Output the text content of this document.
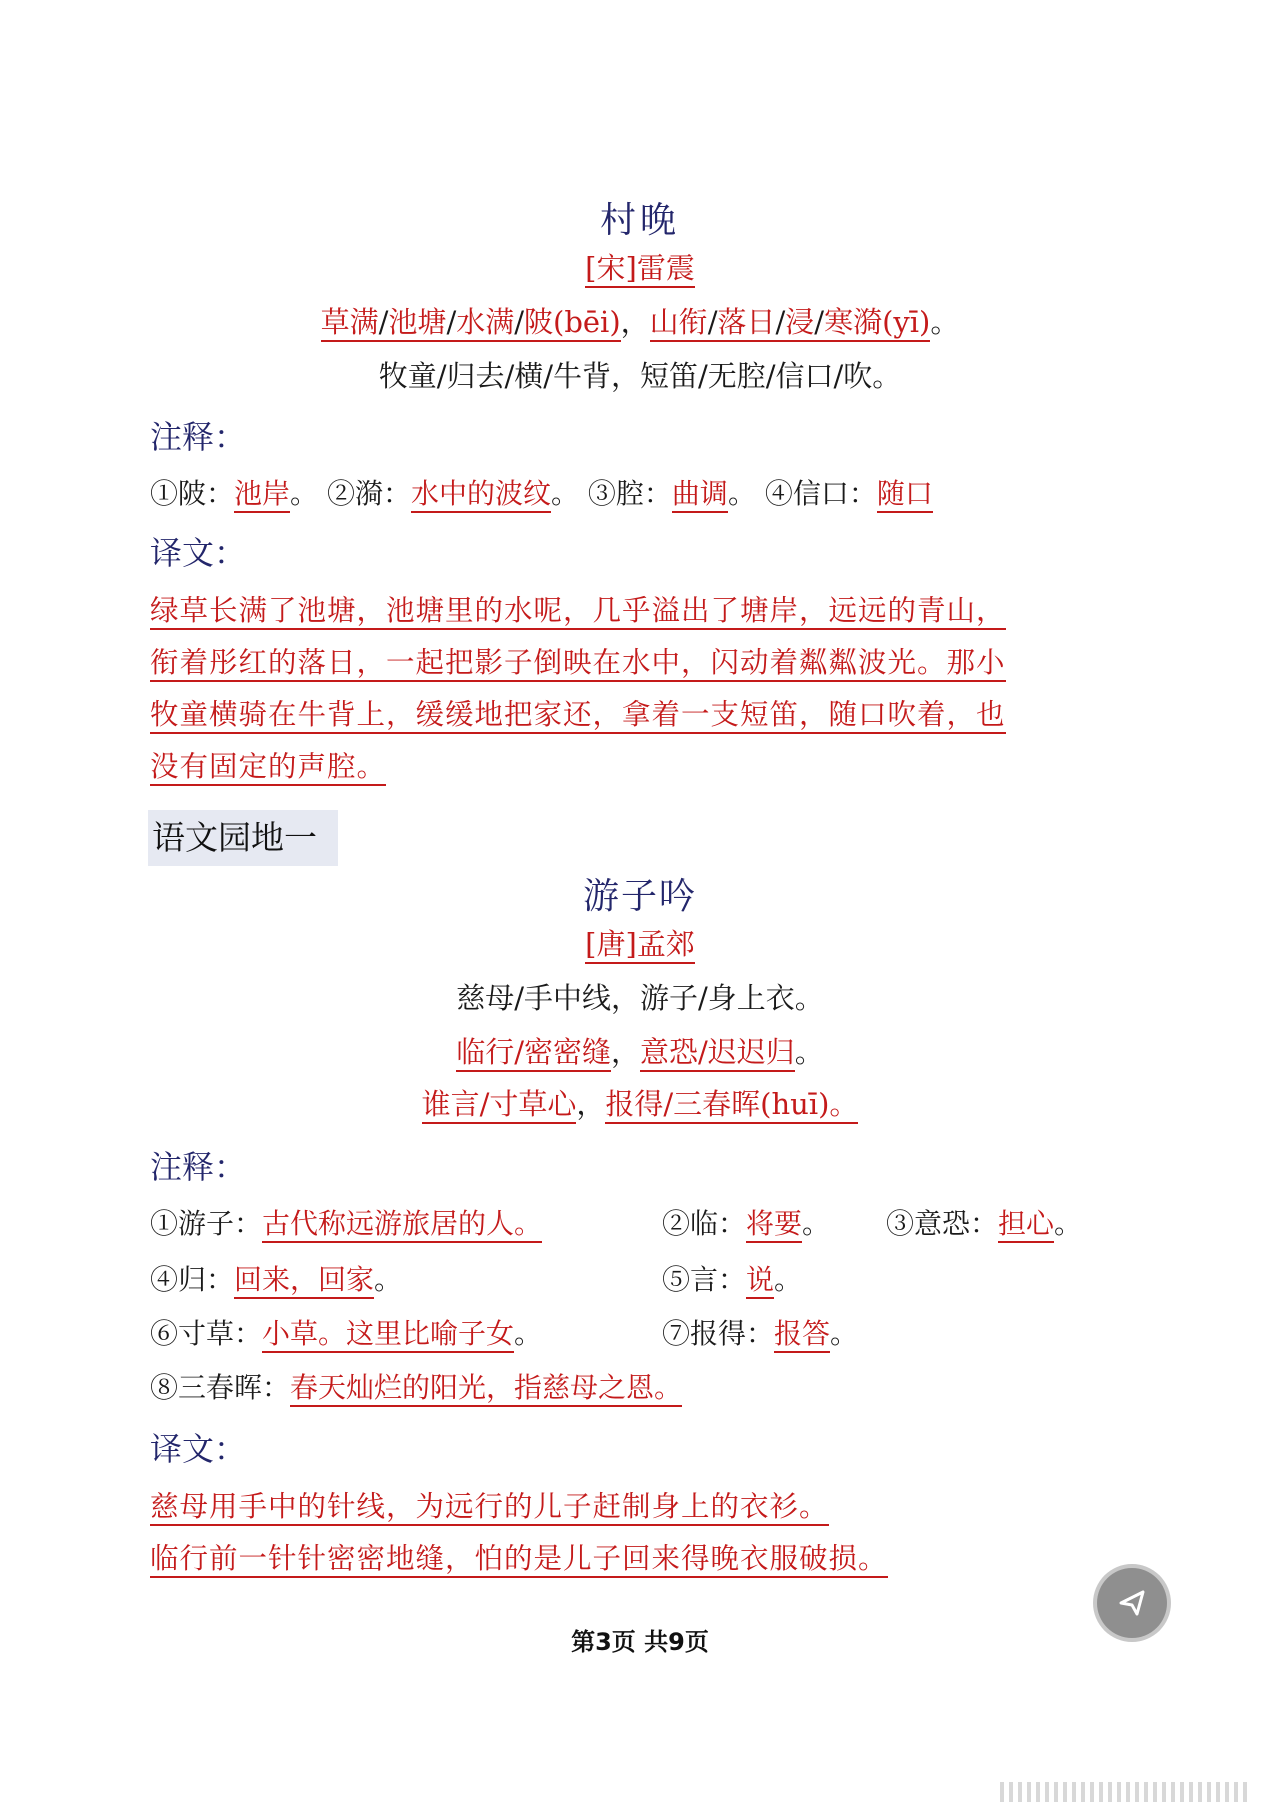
村晚
[宋]雷震
草满/池塘/水满/陂(bēi)，山衔/落日/浸/寒漪(yī)。
牧童/归去/横/牛背，短笛/无腔/信口/吹。
注释：
①陂：池岸。 ②漪：水中的波纹。 ③腔：曲调。 ④信口：随口
译文：
绿草长满了池塘，池塘里的水呢，几乎溢出了塘岸，远远的青山，
衔着彤红的落日，一起把影子倒映在水中，闪动着粼粼波光。那小
牧童横骑在牛背上，缓缓地把家还，拿着一支短笛，随口吹着，也
没有固定的声腔。
语文园地一
游子吟
[唐]孟郊
慈母/手中线，游子/身上衣。
临行/密密缝，意恐/迟迟归。
谁言/寸草心，报得/三春晖(huī)。
注释：
①游子：古代称远游旅居的人。	②临：将要。 ③意恐：担心。
④归：回来，回家。	⑤言：说。
⑥寸草：小草。这里比喻子女。	⑦报得：报答。
⑧三春晖：春天灿烂的阳光，指慈母之恩。
译文：
慈母用手中的针线，为远行的儿子赶制身上的衣衫。
临行前一针针密密地缝，怕的是儿子回来得晚衣服破损。
第3页 共9页
